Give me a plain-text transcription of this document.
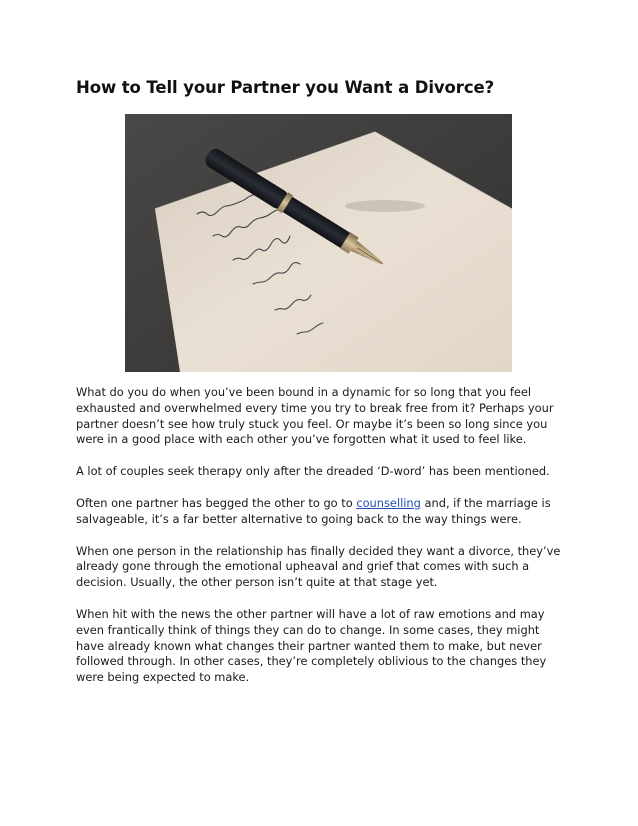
How to Tell your Partner you Want a Divorce?

What do you do when you’ve been bound in a dynamic for so long that you feel exhausted and overwhelmed every time you try to break free from it? Perhaps your partner doesn’t see how truly stuck you feel. Or maybe it’s been so long since you were in a good place with each other you’ve forgotten what it used to feel like.

A lot of couples seek therapy only after the dreaded ‘D-word’ has been mentioned.

Often one partner has begged the other to go to counselling and, if the marriage is salvageable, it’s a far better alternative to going back to the way things were.

When one person in the relationship has finally decided they want a divorce, they’ve already gone through the emotional upheaval and grief that comes with such a decision. Usually, the other person isn’t quite at that stage yet.

When hit with the news the other partner will have a lot of raw emotions and may even frantically think of things they can do to change. In some cases, they might have already known what changes their partner wanted them to make, but never followed through. In other cases, they’re completely oblivious to the changes they were being expected to make.
